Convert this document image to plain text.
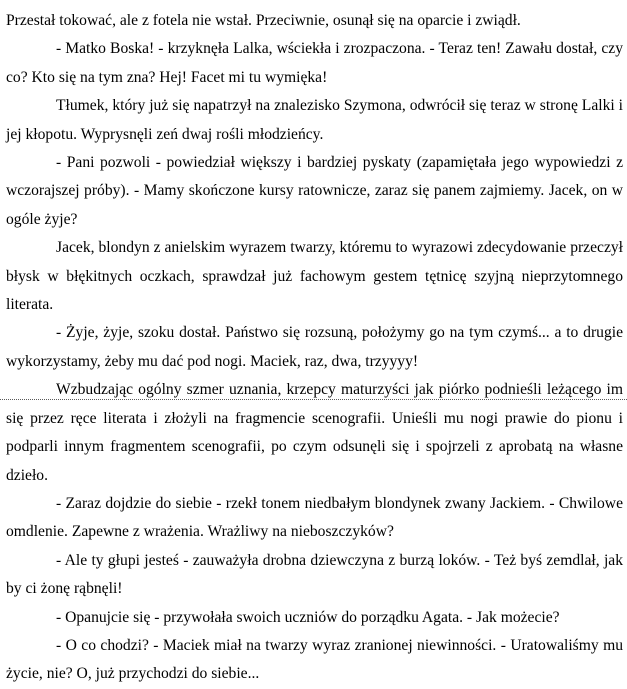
Przestał tokować, ale z fotela nie wstał. Przeciwnie, osunął się na oparcie i zwiądł.

- Matko Boska! - krzyknęła Lalka, wściekła i zrozpaczona. - Teraz ten! Zawału dostał, czy co? Kto się na tym zna? Hej! Facet mi tu wymięka!

Tłumek, który już się napatrzył na znalezisko Szymona, odwrócił się teraz w stronę Lalki i jej kłopotu. Wyprysnęli zeń dwaj rośli młodzieńcy.

- Pani pozwoli - powiedział większy i bardziej pyskaty (zapamiętała jego wypowiedzi z wczorajszej próby). - Mamy skończone kursy ratownicze, zaraz się panem zajmiemy. Jacek, on w ogóle żyje?

Jacek, blondyn z anielskim wyrazem twarzy, któremu to wyrazowi zdecydowanie przeczył błysk w błękitnych oczkach, sprawdzał już fachowym gestem tętnicę szyjną nieprzytomnego literata.

- Żyje, żyje, szoku dostał. Państwo się rozsuną, położymy go na tym czymś... a to drugie wykorzystamy, żeby mu dać pod nogi. Maciek, raz, dwa, trzyyyy!

Wzbudzając ogólny szmer uznania, krzepcy maturzyści jak piórko podnieśli leżącego im się przez ręce literata i złożyli na fragmencie scenografii. Unieśli mu nogi prawie do pionu i podparli innym fragmentem scenografii, po czym odsunęli się i spojrzeli z aprobatą na własne dzieło.

- Zaraz dojdzie do siebie - rzekł tonem niedbałym blondynek zwany Jackiem. - Chwilowe omdlenie. Zapewne z wrażenia. Wrażliwy na nieboszczyków?

- Ale ty głupi jesteś - zauważyła drobna dziewczyna z burzą loków. - Też byś zemdlał, jak by ci żonę rąbnęli!

- Opanujcie się - przywołała swoich uczniów do porządku Agata. - Jak możecie?

- O co chodzi? - Maciek miał na twarzy wyraz zranionej niewinności. - Uratowaliśmy mu życie, nie? O, już przychodzi do siebie...
